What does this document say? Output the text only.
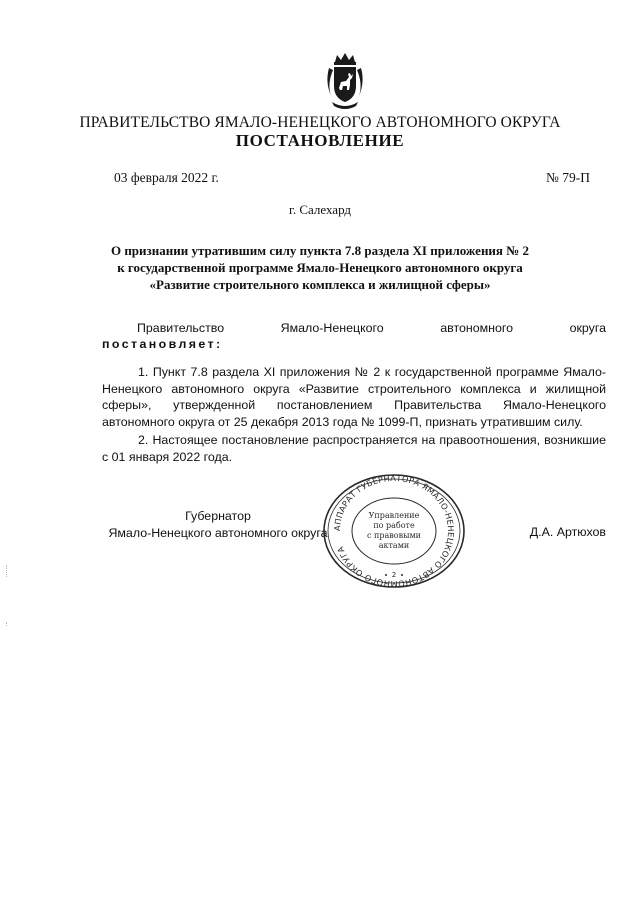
ПРАВИТЕЛЬСТВО ЯМАЛО-НЕНЕЦКОГО АВТОНОМНОГО ОКРУГА
ПОСТАНОВЛЕНИЕ
03 февраля 2022 г.	№ 79-П
г. Салехард
О признании утратившим силу пункта 7.8 раздела XI приложения № 2
к государственной программе Ямало-Ненецкого автономного округа
«Развитие строительного комплекса и жилищной сферы»
Правительство	Ямало-Ненецкого	автономного	округа
постановляет:
1. Пункт 7.8 раздела XI приложения № 2 к государственной программе Ямало-Ненецкого автономного округа «Развитие строительного комплекса и жилищной сферы», утвержденной постановлением Правительства Ямало-Ненецкого автономного округа от 25 декабря 2013 года № 1099-П, признать утратившим силу.
2. Настоящее постановление распространяется на правоотношения, возникшие с 01 января 2022 года.
Губернатор
Ямало-Ненецкого автономного округа	Д.А. Артюхов
АППАРАТ ГУБЕРНАТОРА ЯМАЛО-НЕНЕЦКОГО АВТОНОМНОГО ОКРУГА
Управление
по работе
с правовыми
актами
2
